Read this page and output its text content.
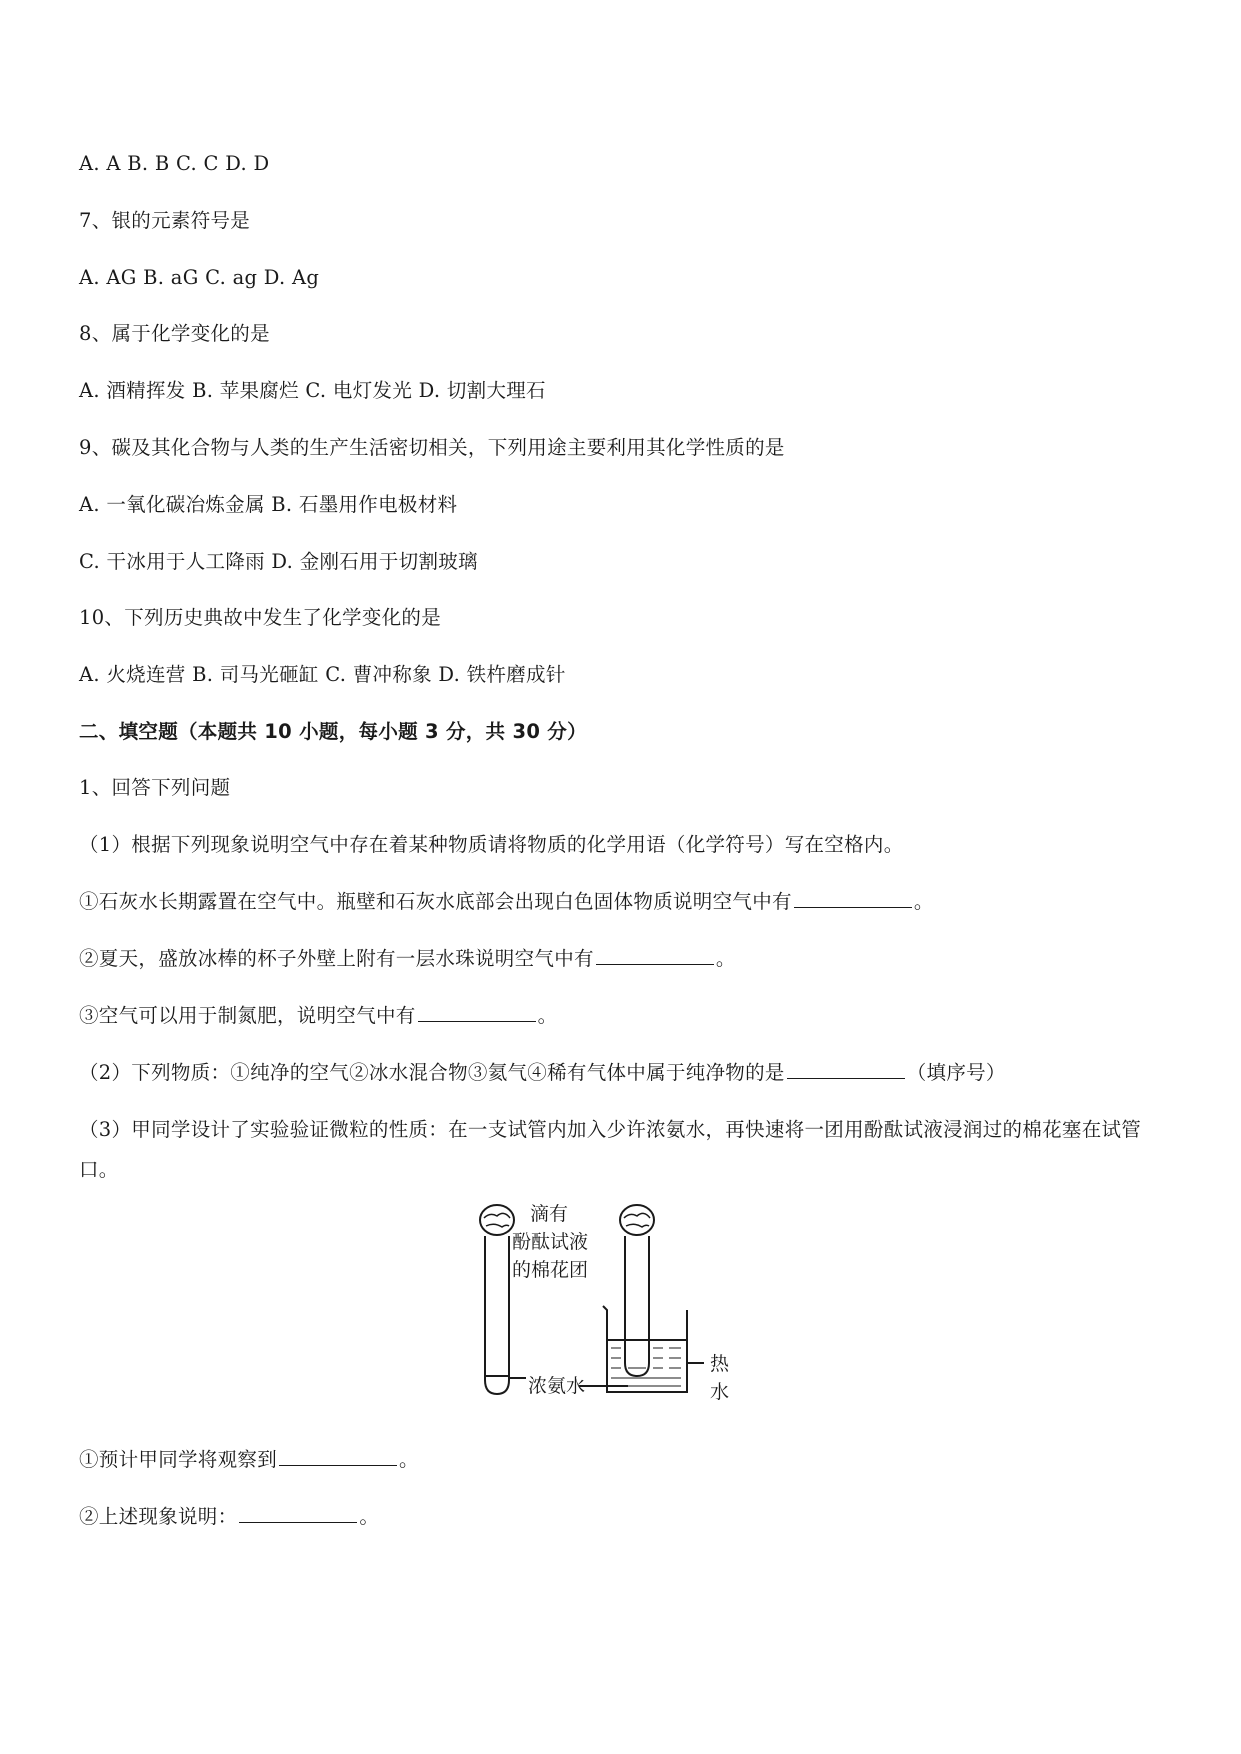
A. A B. B C. C D. D
7、银的元素符号是
A. AG B. aG C. ag D. Ag
8、属于化学变化的是
A. 酒精挥发 B. 苹果腐烂 C. 电灯发光 D. 切割大理石
9、碳及其化合物与人类的生产生活密切相关，下列用途主要利用其化学性质的是
A. 一氧化碳冶炼金属 B. 石墨用作电极材料
C. 干冰用于人工降雨 D. 金刚石用于切割玻璃
10、下列历史典故中发生了化学变化的是
A. 火烧连营 B. 司马光砸缸 C. 曹冲称象 D. 铁杵磨成针
二、填空题（本题共 10 小题，每小题 3 分，共 30 分）
1、回答下列问题
（1）根据下列现象说明空气中存在着某种物质请将物质的化学用语（化学符号）写在空格内。
①石灰水长期露置在空气中。瓶壁和石灰水底部会出现白色固体物质说明空气中有	。
②夏天，盛放冰棒的杯子外壁上附有一层水珠说明空气中有	。
③空气可以用于制氮肥，说明空气中有	。
（2）下列物质：①纯净的空气②冰水混合物③氦气④稀有气体中属于纯净物的是	（填序号）
（3）甲同学设计了实验验证微粒的性质：在一支试管内加入少许浓氨水，再快速将一团用酚酞试液浸润过的棉花塞在试管口。
滴有
酚酞试液
的棉花团
浓氨水
热
水
①预计甲同学将观察到	。
②上述现象说明：	。
